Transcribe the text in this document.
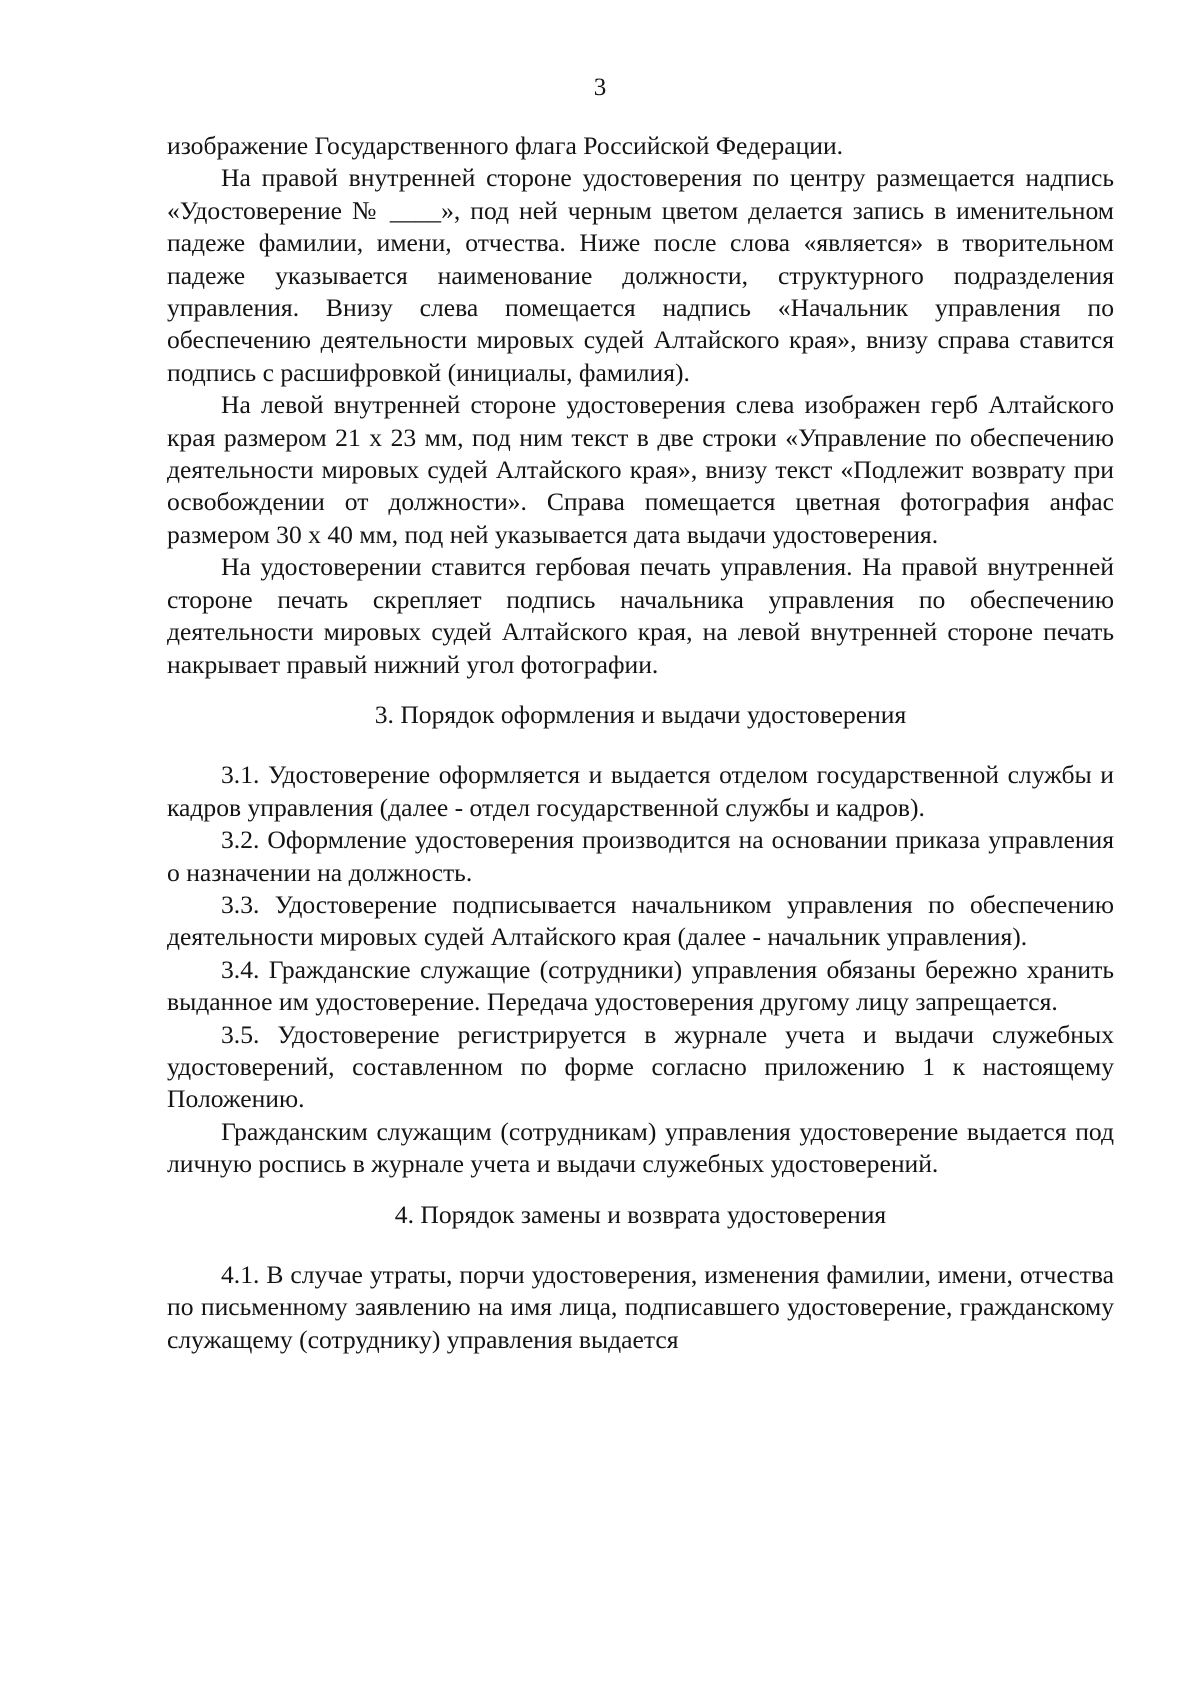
3

изображение Государственного флага Российской Федерации.

На правой внутренней стороне удостоверения по центру размещается надпись «Удостоверение № ____», под ней черным цветом делается запись в именительном падеже фамилии, имени, отчества. Ниже после слова «является» в творительном падеже указывается наименование должности, структурного подразделения управления. Внизу слева помещается надпись «Начальник управления по обеспечению деятельности мировых судей Алтайского края», внизу справа ставится подпись с расшифровкой (инициалы, фамилия).

На левой внутренней стороне удостоверения слева изображен герб Алтайского края размером 21 x 23 мм, под ним текст в две строки «Управление по обеспечению деятельности мировых судей Алтайского края», внизу текст «Подлежит возврату при освобождении от должности». Справа помещается цветная фотография анфас размером 30 x 40 мм, под ней указывается дата выдачи удостоверения.

На удостоверении ставится гербовая печать управления. На правой внутренней стороне печать скрепляет подпись начальника управления по обеспечению деятельности мировых судей Алтайского края, на левой внутренней стороне печать накрывает правый нижний угол фотографии.

3. Порядок оформления и выдачи удостоверения

3.1. Удостоверение оформляется и выдается отделом государственной службы и кадров управления (далее - отдел государственной службы и кадров).

3.2. Оформление удостоверения производится на основании приказа управления о назначении на должность.

3.3. Удостоверение подписывается начальником управления по обеспечению деятельности мировых судей Алтайского края (далее - начальник управления).

3.4. Гражданские служащие (сотрудники) управления обязаны бережно хранить выданное им удостоверение. Передача удостоверения другому лицу запрещается.

3.5. Удостоверение регистрируется в журнале учета и выдачи служебных удостоверений, составленном по форме согласно приложению 1 к настоящему Положению.

Гражданским служащим (сотрудникам) управления удостоверение выдается под личную роспись в журнале учета и выдачи служебных удостоверений.

4. Порядок замены и возврата удостоверения

4.1. В случае утраты, порчи удостоверения, изменения фамилии, имени, отчества по письменному заявлению на имя лица, подписавшего удостоверение, гражданскому служащему (сотруднику) управления выдается
